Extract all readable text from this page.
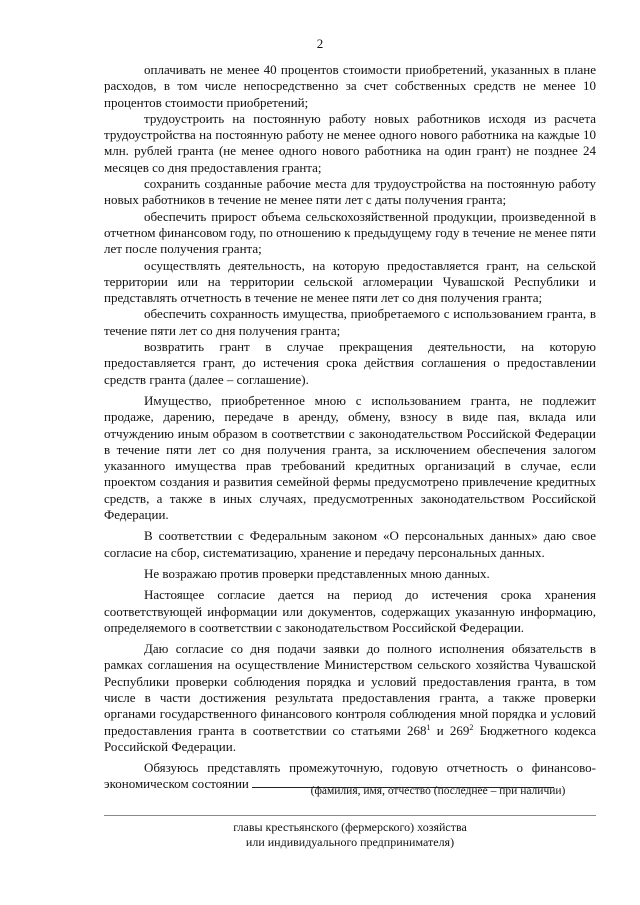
2

оплачивать не менее 40 процентов стоимости приобретений, указанных в плане расходов, в том числе непосредственно за счет собственных средств не менее 10 процентов стоимости приобретений;

трудоустроить на постоянную работу новых работников исходя из расчета трудоустройства на постоянную работу не менее одного нового работника на каждые 10 млн. рублей гранта (не менее одного нового работника на один грант) не позднее 24 месяцев со дня предоставления гранта;

сохранить созданные рабочие места для трудоустройства на постоянную работу новых работников в течение не менее пяти лет с даты получения гранта;

обеспечить прирост объема сельскохозяйственной продукции, произведенной в отчетном финансовом году, по отношению к предыдущему году в течение не менее пяти лет после получения гранта;

осуществлять деятельность, на которую предоставляется грант, на сельской территории или на территории сельской агломерации Чувашской Республики и представлять отчетность в течение не менее пяти лет со дня получения гранта;

обеспечить сохранность имущества, приобретаемого с использованием гранта, в течение пяти лет со дня получения гранта;

возвратить грант в случае прекращения деятельности, на которую предоставляется грант, до истечения срока действия соглашения о предоставлении средств гранта (далее – соглашение).

Имущество, приобретенное мною с использованием гранта, не подлежит продаже, дарению, передаче в аренду, обмену, взносу в виде пая, вклада или отчуждению иным образом в соответствии с законодательством Российской Федерации в течение пяти лет со дня получения гранта, за исключением обеспечения залогом указанного имущества прав требований кредитных организаций в случае, если проектом создания и развития семейной фермы предусмотрено привлечение кредитных средств, а также в иных случаях, предусмотренных законодательством Российской Федерации.

В соответствии с Федеральным законом «О персональных данных» даю свое согласие на сбор, систематизацию, хранение и передачу персональных данных.

Не возражаю против проверки представленных мною данных.

Настоящее согласие дается на период до истечения срока хранения соответствующей информации или документов, содержащих указанную информацию, определяемого в соответствии с законодательством Российской Федерации.

Даю согласие со дня подачи заявки до полного исполнения обязательств в рамках соглашения на осуществление Министерством сельского хозяйства Чувашской Республики проверки соблюдения порядка и условий предоставления гранта, в том числе в части достижения результата предоставления гранта, а также проверки органами государственного финансового контроля соблюдения мной порядка и условий предоставления гранта в соответствии со статьями $268^1$ и $269^2$ Бюджетного кодекса Российской Федерации.

Обязуюсь представлять промежуточную, годовую отчетность о финансово-экономическом состоянии	(фамилия, имя, отчество (последнее – при наличии)
главы крестьянского (фермерского) хозяйства
или индивидуального предпринимателя)
